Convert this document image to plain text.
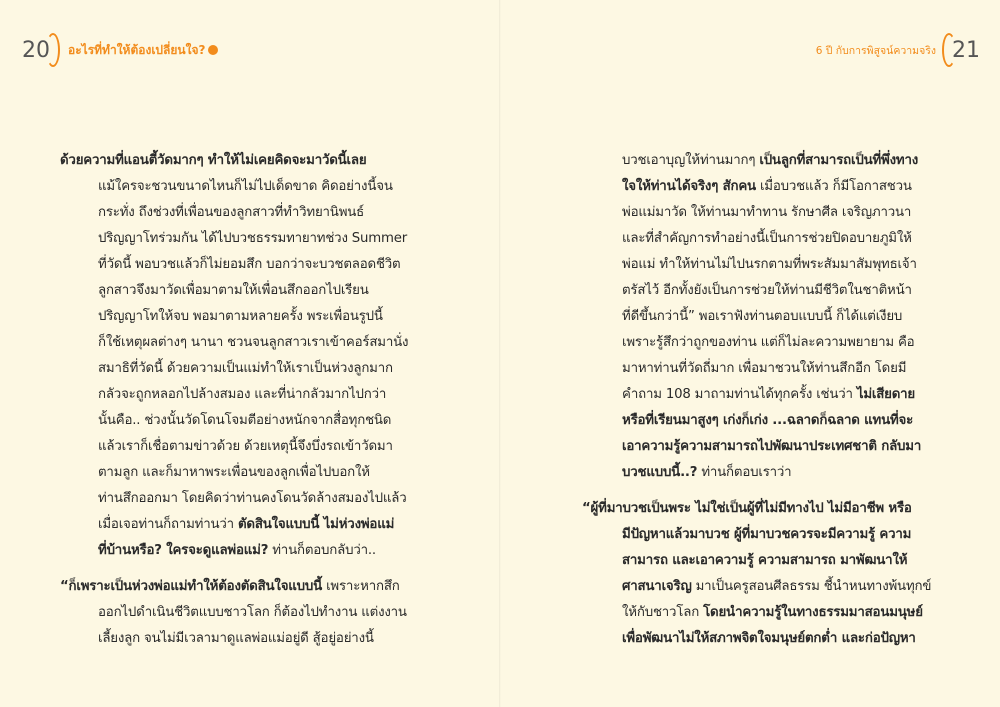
20 อะไรที่ทำให้ต้องเปลี่ยนใจ?	6 ปี กับการพิสูจน์ความจริง 21
ด้วยความที่แอนตี้วัดมากๆ ทำให้ไม่เคยคิดจะมาวัดนี้เลย
แม้ใครจะชวนขนาดไหนก็ไม่ไปเด็ดขาด คิดอย่างนี้จน
กระทั่ง ถึงช่วงที่เพื่อนของลูกสาวที่ทำวิทยานิพนธ์
ปริญญาโทร่วมกัน ได้ไปบวชธรรมทายาทช่วง Summer
ที่วัดนี้ พอบวชแล้วก็ไม่ยอมสึก บอกว่าจะบวชตลอดชีวิต
ลูกสาวจึงมาวัดเพื่อมาตามให้เพื่อนสึกออกไปเรียน
ปริญญาโทให้จบ พอมาตามหลายครั้ง พระเพื่อนรูปนี้
ก็ใช้เหตุผลต่างๆ นานา ชวนจนลูกสาวเราเข้าคอร์สมานั่ง
สมาธิที่วัดนี้ ด้วยความเป็นแม่ทำให้เราเป็นห่วงลูกมาก
กลัวจะถูกหลอกไปล้างสมอง และที่น่ากลัวมากไปกว่า
นั้นคือ.. ช่วงนั้นวัดโดนโจมตีอย่างหนักจากสื่อทุกชนิด
แล้วเราก็เชื่อตามข่าวด้วย ด้วยเหตุนี้จึงบึ่งรถเข้าวัดมา
ตามลูก และก็มาหาพระเพื่อนของลูกเพื่อไปบอกให้
ท่านสึกออกมา โดยคิดว่าท่านคงโดนวัดล้างสมองไปแล้ว
เมื่อเจอท่านก็ถามท่านว่า ตัดสินใจแบบนี้ ไม่ห่วงพ่อแม่
ที่บ้านหรือ? ใครจะดูแลพ่อแม่? ท่านก็ตอบกลับว่า..
“ก็เพราะเป็นห่วงพ่อแม่ทำให้ต้องตัดสินใจแบบนี้ เพราะหากสึก
ออกไปดำเนินชีวิตแบบชาวโลก ก็ต้องไปทำงาน แต่งงาน
เลี้ยงลูก จนไม่มีเวลามาดูแลพ่อแม่อยู่ดี สู้อยู่อย่างนี้
บวชเอาบุญให้ท่านมากๆ เป็นลูกที่สามารถเป็นที่พึ่งทาง
ใจให้ท่านได้จริงๆ สักคน เมื่อบวชแล้ว ก็มีโอกาสชวน
พ่อแม่มาวัด ให้ท่านมาทำทาน รักษาศีล เจริญภาวนา
และที่สำคัญการทำอย่างนี้เป็นการช่วยปิดอบายภูมิให้
พ่อแม่ ทำให้ท่านไม่ไปนรกตามที่พระสัมมาสัมพุทธเจ้า
ตรัสไว้ อีกทั้งยังเป็นการช่วยให้ท่านมีชีวิตในชาติหน้า
ที่ดีขึ้นกว่านี้” พอเราฟังท่านตอบแบบนี้ ก็ได้แต่เงียบ
เพราะรู้สึกว่าถูกของท่าน แต่ก็ไม่ละความพยายาม คือ
มาหาท่านที่วัดถี่มาก เพื่อมาชวนให้ท่านสึกอีก โดยมี
คำถาม 108 มาถามท่านได้ทุกครั้ง เช่นว่า ไม่เสียดาย
หรือที่เรียนมาสูงๆ เก่งก็เก่ง ...ฉลาดก็ฉลาด แทนที่จะ
เอาความรู้ความสามารถไปพัฒนาประเทศชาติ กลับมา
บวชแบบนี้..? ท่านก็ตอบเราว่า
“ผู้ที่มาบวชเป็นพระ ไม่ใช่เป็นผู้ที่ไม่มีทางไป ไม่มีอาชีพ หรือ
มีปัญหาแล้วมาบวช ผู้ที่มาบวชควรจะมีความรู้ ความ
สามารถ และเอาความรู้ ความสามารถ มาพัฒนาให้
ศาสนาเจริญ มาเป็นครูสอนศีลธรรม ชี้นำหนทางพ้นทุกข์
ให้กับชาวโลก โดยนำความรู้ในทางธรรมมาสอนมนุษย์
เพื่อพัฒนาไม่ให้สภาพจิตใจมนุษย์ตกต่ำ และก่อปัญหา
